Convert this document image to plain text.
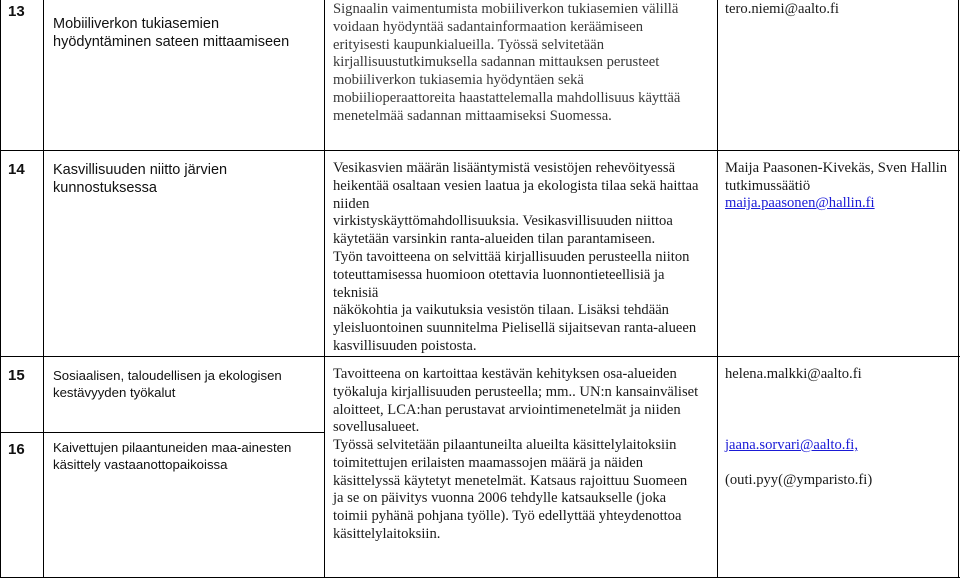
13
Mobiiliverkon tukiasemien hyödyntäminen sateen mittaamiseen
Signaalin vaimentumista mobiiliverkon tukiasemien välillä
voidaan hyödyntää sadantainformaation keräämiseen
erityisesti kaupunkialueilla. Työssä selvitetään
kirjallisuustutkimuksella sadannan mittauksen perusteet
mobiiliverkon tukiasemia hyödyntäen sekä
mobiilioperaattoreita haastattelemalla mahdollisuus käyttää
menetelmää sadannan mittaamiseksi Suomessa.
tero.niemi@aalto.fi
14 Kasvillisuuden niitto järvien kunnostuksessa
Vesikasvien määrän lisääntymistä vesistöjen rehevöityessä
heikentää osaltaan vesien laatua ja ekologista tilaa sekä haittaa
niiden
virkistyskäyttömahdollisuuksia. Vesikasvillisuuden niittoa
käytetään varsinkin ranta-alueiden tilan parantamiseen.
Työn tavoitteena on selvittää kirjallisuuden perusteella niiton
toteuttamisessa huomioon otettavia luonnontieteellisiä ja
teknisiä
näkökohtia ja vaikutuksia vesistön tilaan. Lisäksi tehdään
yleisluontoinen suunnitelma Pielisellä sijaitsevan ranta-alueen
kasvillisuuden poistosta.
Maija Paasonen-Kivekäs, Sven Hallin tutkimussäätiö
maija.paasonen@hallin.fi
15 Sosiaalisen, taloudellisen ja ekologisen kestävyyden työkalut
Tavoitteena on kartoittaa kestävän kehityksen osa-alueiden
työkaluja kirjallisuuden perusteella; mm.. UN:n kansainväliset
aloitteet, LCA:han perustavat arviointimenetelmät ja niiden
sovellusalueet.
helena.malkki@aalto.fi
16 Kaivettujen pilaantuneiden maa-ainesten käsittely vastaanottopaikoissa
Työssä selvitetään pilaantuneilta alueilta käsittelylaitoksiin
toimitettujen erilaisten maamassojen määrä ja näiden
käsittelyssä käytetyt menetelmät. Katsaus rajoittuu Suomeen
ja se on päivitys vuonna 2006 tehdylle katsaukselle (joka
toimii pyhänä pohjana työlle). Työ edellyttää yhteydenottoa
käsittelylaitoksiin.
jaana.sorvari@aalto.fi,
(outi.pyy(@ymparisto.fi)
